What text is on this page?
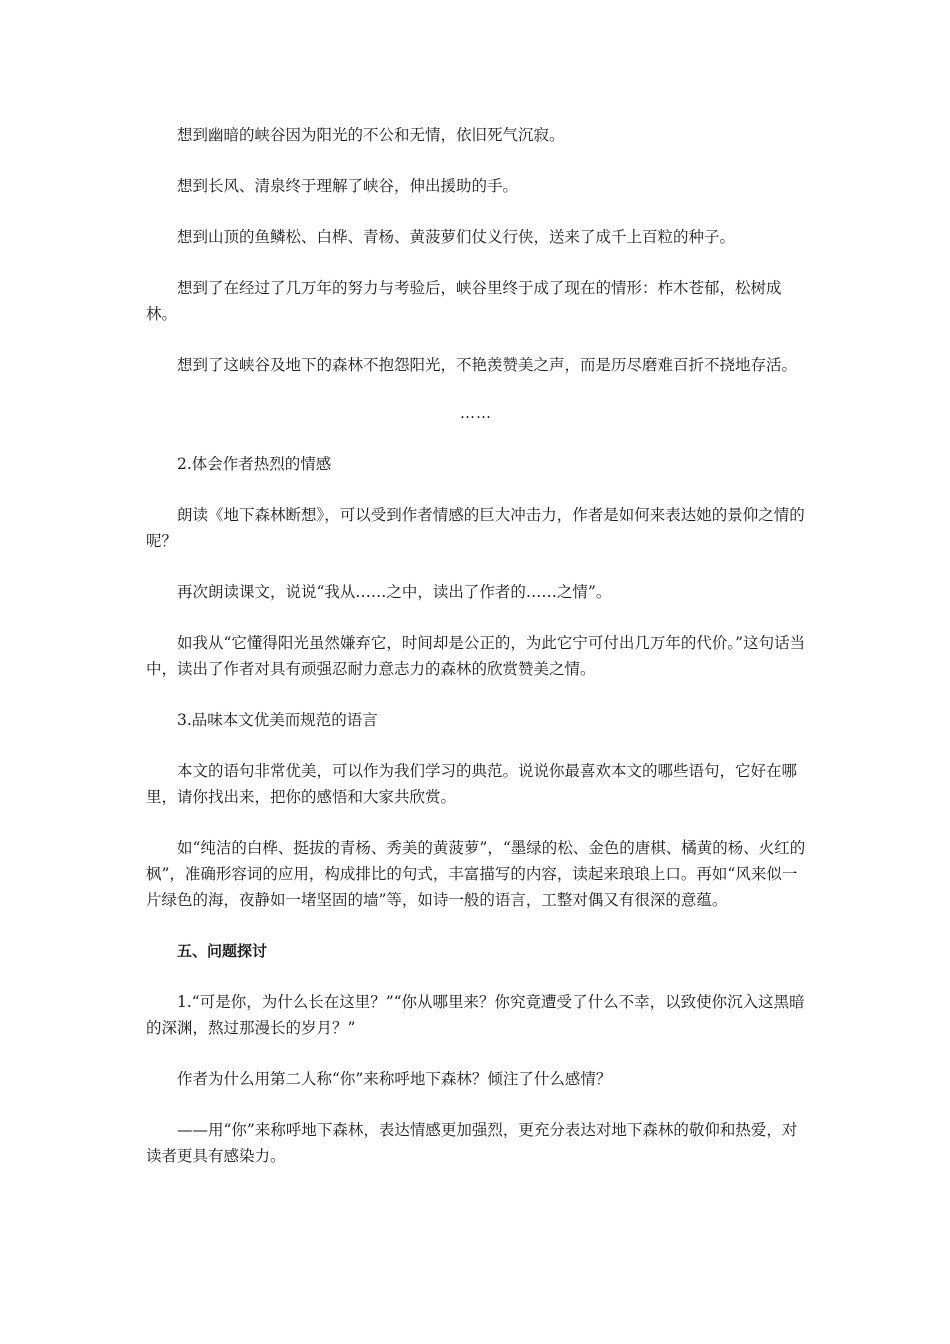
想到幽暗的峡谷因为阳光的不公和无情，依旧死气沉寂。

想到长风、清泉终于理解了峡谷，伸出援助的手。

想到山顶的鱼鳞松、白桦、青杨、黄菠萝们仗义行侠，送来了成千上百粒的种子。

想到了在经过了几万年的努力与考验后，峡谷里终于成了现在的情形：柞木苍郁，松树成林。

想到了这峡谷及地下的森林不抱怨阳光，不艳羡赞美之声，而是历尽磨难百折不挠地存活。

……

2.体会作者热烈的情感

朗读《地下森林断想》，可以受到作者情感的巨大冲击力，作者是如何来表达她的景仰之情的呢？

再次朗读课文，说说“我从……之中，读出了作者的……之情”。

如我从“它懂得阳光虽然嫌弃它，时间却是公正的，为此它宁可付出几万年的代价。”这句话当中，读出了作者对具有顽强忍耐力意志力的森林的欣赏赞美之情。

3.品味本文优美而规范的语言

本文的语句非常优美，可以作为我们学习的典范。说说你最喜欢本文的哪些语句，它好在哪里，请你找出来，把你的感悟和大家共欣赏。

如“纯洁的白桦、挺拔的青杨、秀美的黄菠萝”，“墨绿的松、金色的唐棋、橘黄的杨、火红的枫”，准确形容词的应用，构成排比的句式，丰富描写的内容，读起来琅琅上口。再如“风来似一片绿色的海，夜静如一堵坚固的墙”等，如诗一般的语言，工整对偶又有很深的意蕴。

五、问题探讨

1.“可是你，为什么长在这里？”“你从哪里来？你究竟遭受了什么不幸，以致使你沉入这黑暗的深渊，熬过那漫长的岁月？”

作者为什么用第二人称“你”来称呼地下森林？倾注了什么感情？

——用“你”来称呼地下森林，表达情感更加强烈，更充分表达对地下森林的敬仰和热爱，对读者更具有感染力。
